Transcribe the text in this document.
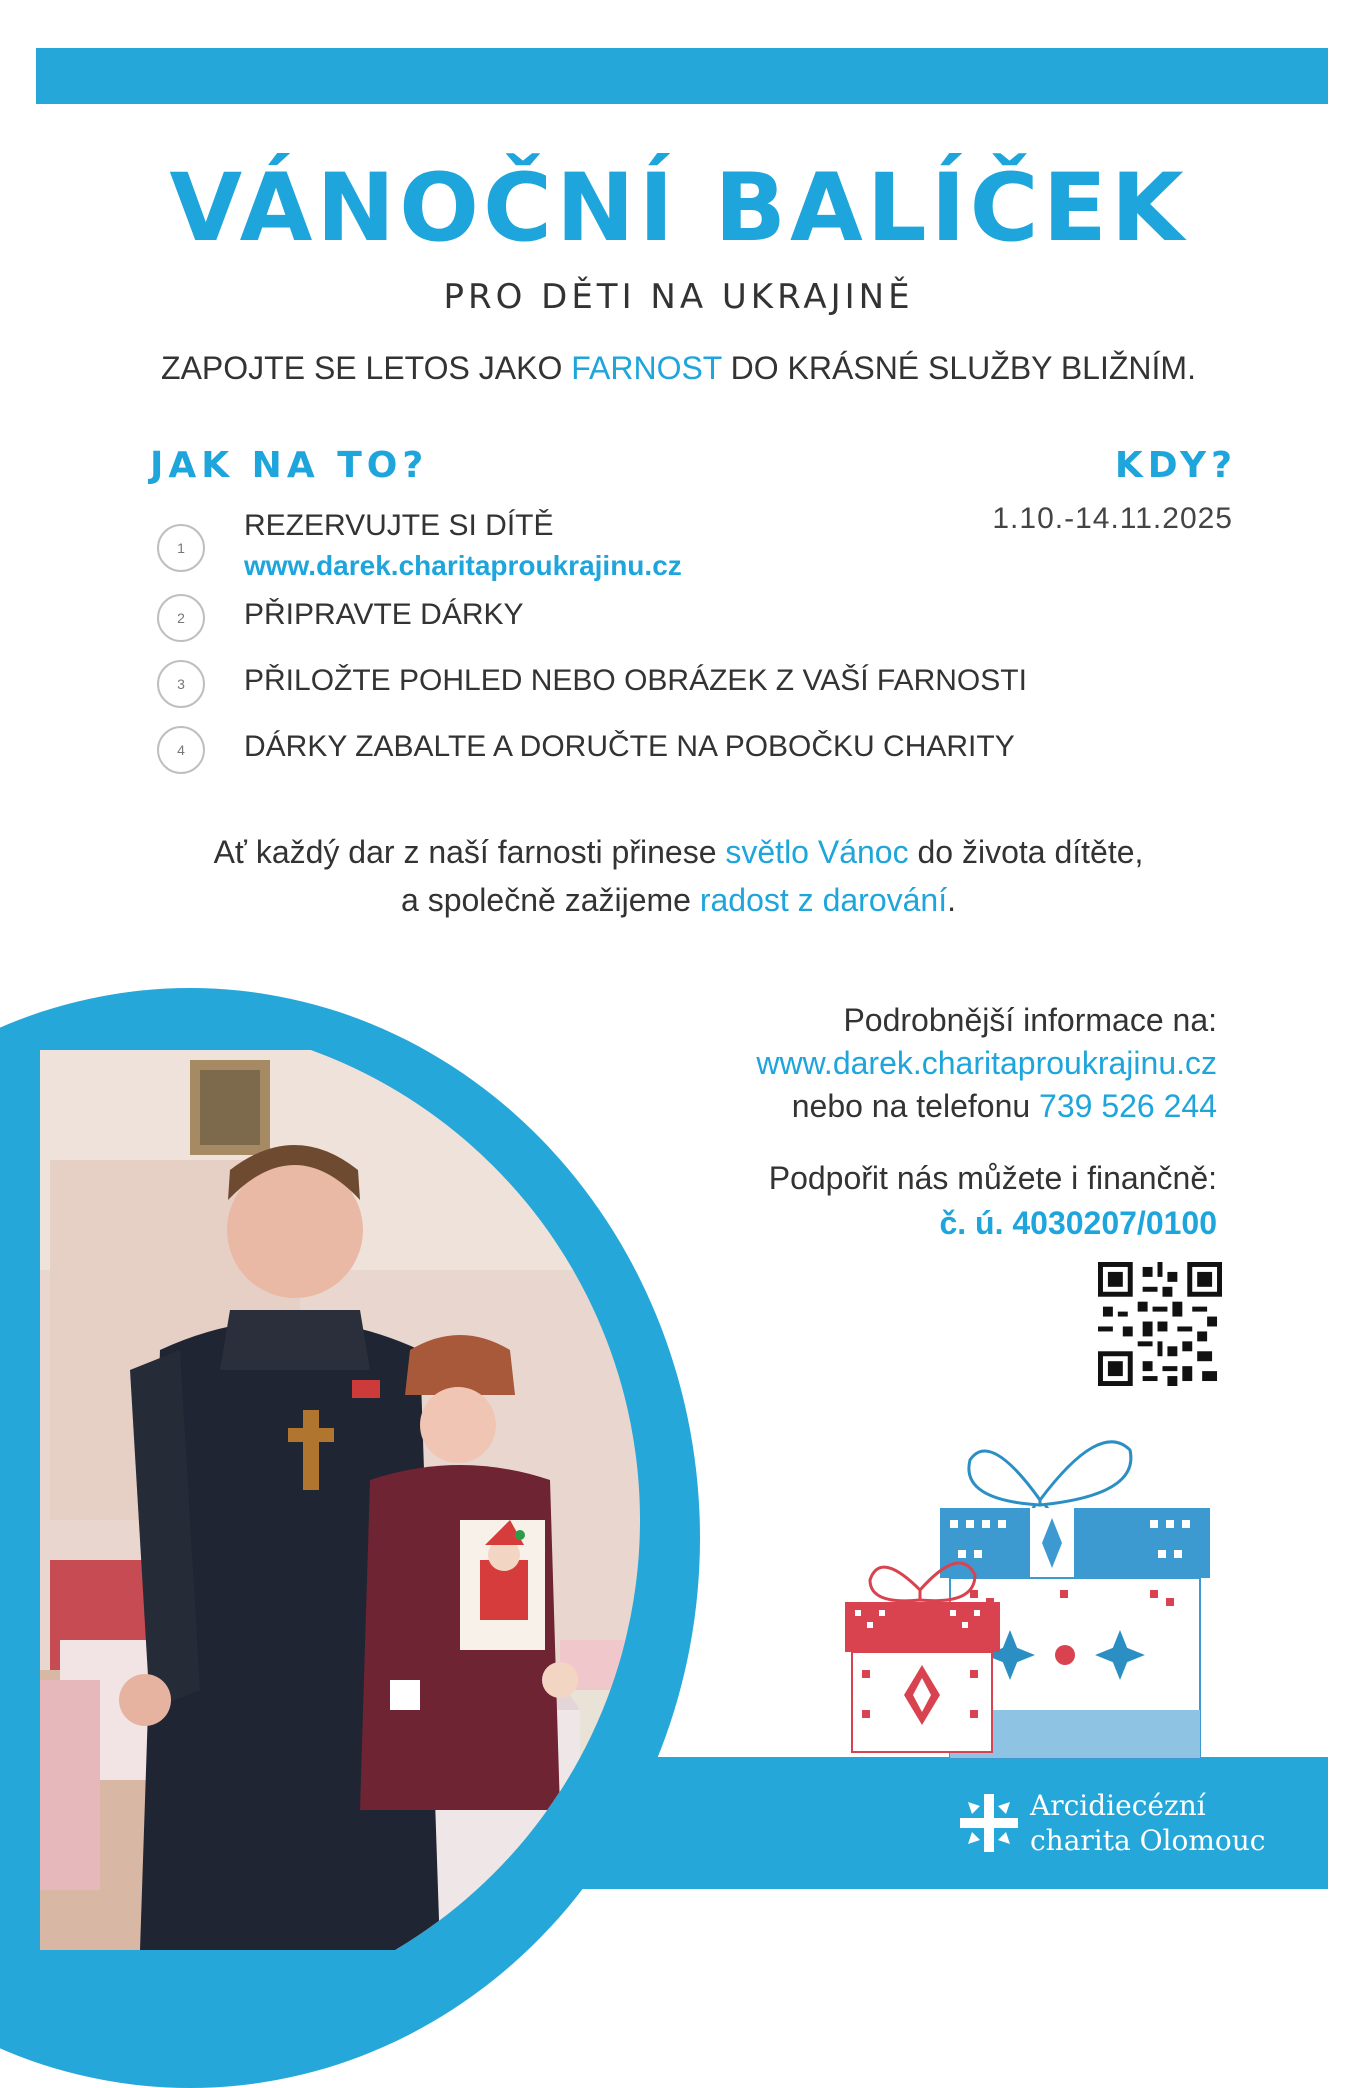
VÁNOČNÍ BALÍČEK
PRO DĚTI NA UKRAJINĚ
ZAPOJTE SE LETOS JAKO FARNOST DO KRÁSNÉ SLUŽBY BLIŽNÍM.
JAK NA TO?	KDY?
1.10.-14.11.2025
1
REZERVUJTE SI DÍTĚ
www.darek.charitaproukrajinu.cz
2	PŘIPRAVTE DÁRKY
3	PŘILOŽTE POHLED NEBO OBRÁZEK Z VAŠÍ FARNOSTI
4	DÁRKY ZABALTE A DORUČTE NA POBOČKU CHARITY
Ať každý dar z naší farnosti přinese světlo Vánoc do života dítěte,
a společně zažijeme radost z darování.
Podrobnější informace na:
www.darek.charitaproukrajinu.cz
nebo na telefonu 739 526 244
Podpořit nás můžete i finančně:
č. ú. 4030207/0100
Arcidiecézní
charita Olomouc
